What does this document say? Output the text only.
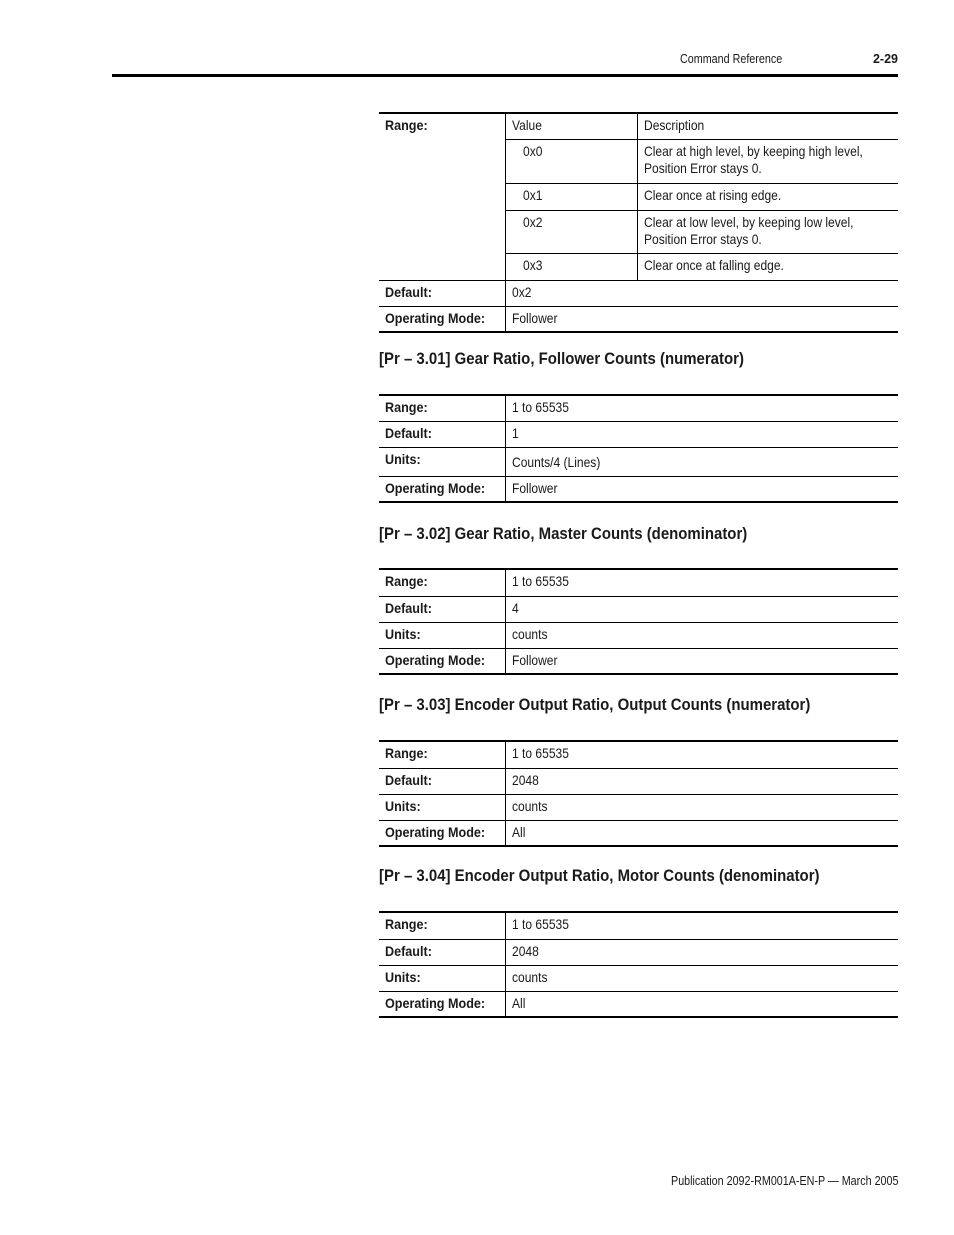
Command Reference	2-29
Range:	Value	Description
	0x0	Clear at high level, by keeping high level,
Position Error stays 0.
	0x1	Clear once at rising edge.
	0x2	Clear at low level, by keeping low level,
Position Error stays 0.
	0x3	Clear once at falling edge.
Default:	0x2	
Operating Mode:	Follower	
[Pr – 3.01] Gear Ratio, Follower Counts (numerator)
Range:	1 to 65535
Default:	1
Units:	Counts/4 (Lines)
Operating Mode:	Follower
[Pr – 3.02] Gear Ratio, Master Counts (denominator)
Range:	1 to 65535
Default:	4
Units:	counts
Operating Mode:	Follower
[Pr – 3.03] Encoder Output Ratio, Output Counts (numerator)
Range:	1 to 65535
Default:	2048
Units:	counts
Operating Mode:	All
[Pr – 3.04] Encoder Output Ratio, Motor Counts (denominator)
Range:	1 to 65535
Default:	2048
Units:	counts
Operating Mode:	All
Publication 2092-RM001A-EN-P — March 2005
